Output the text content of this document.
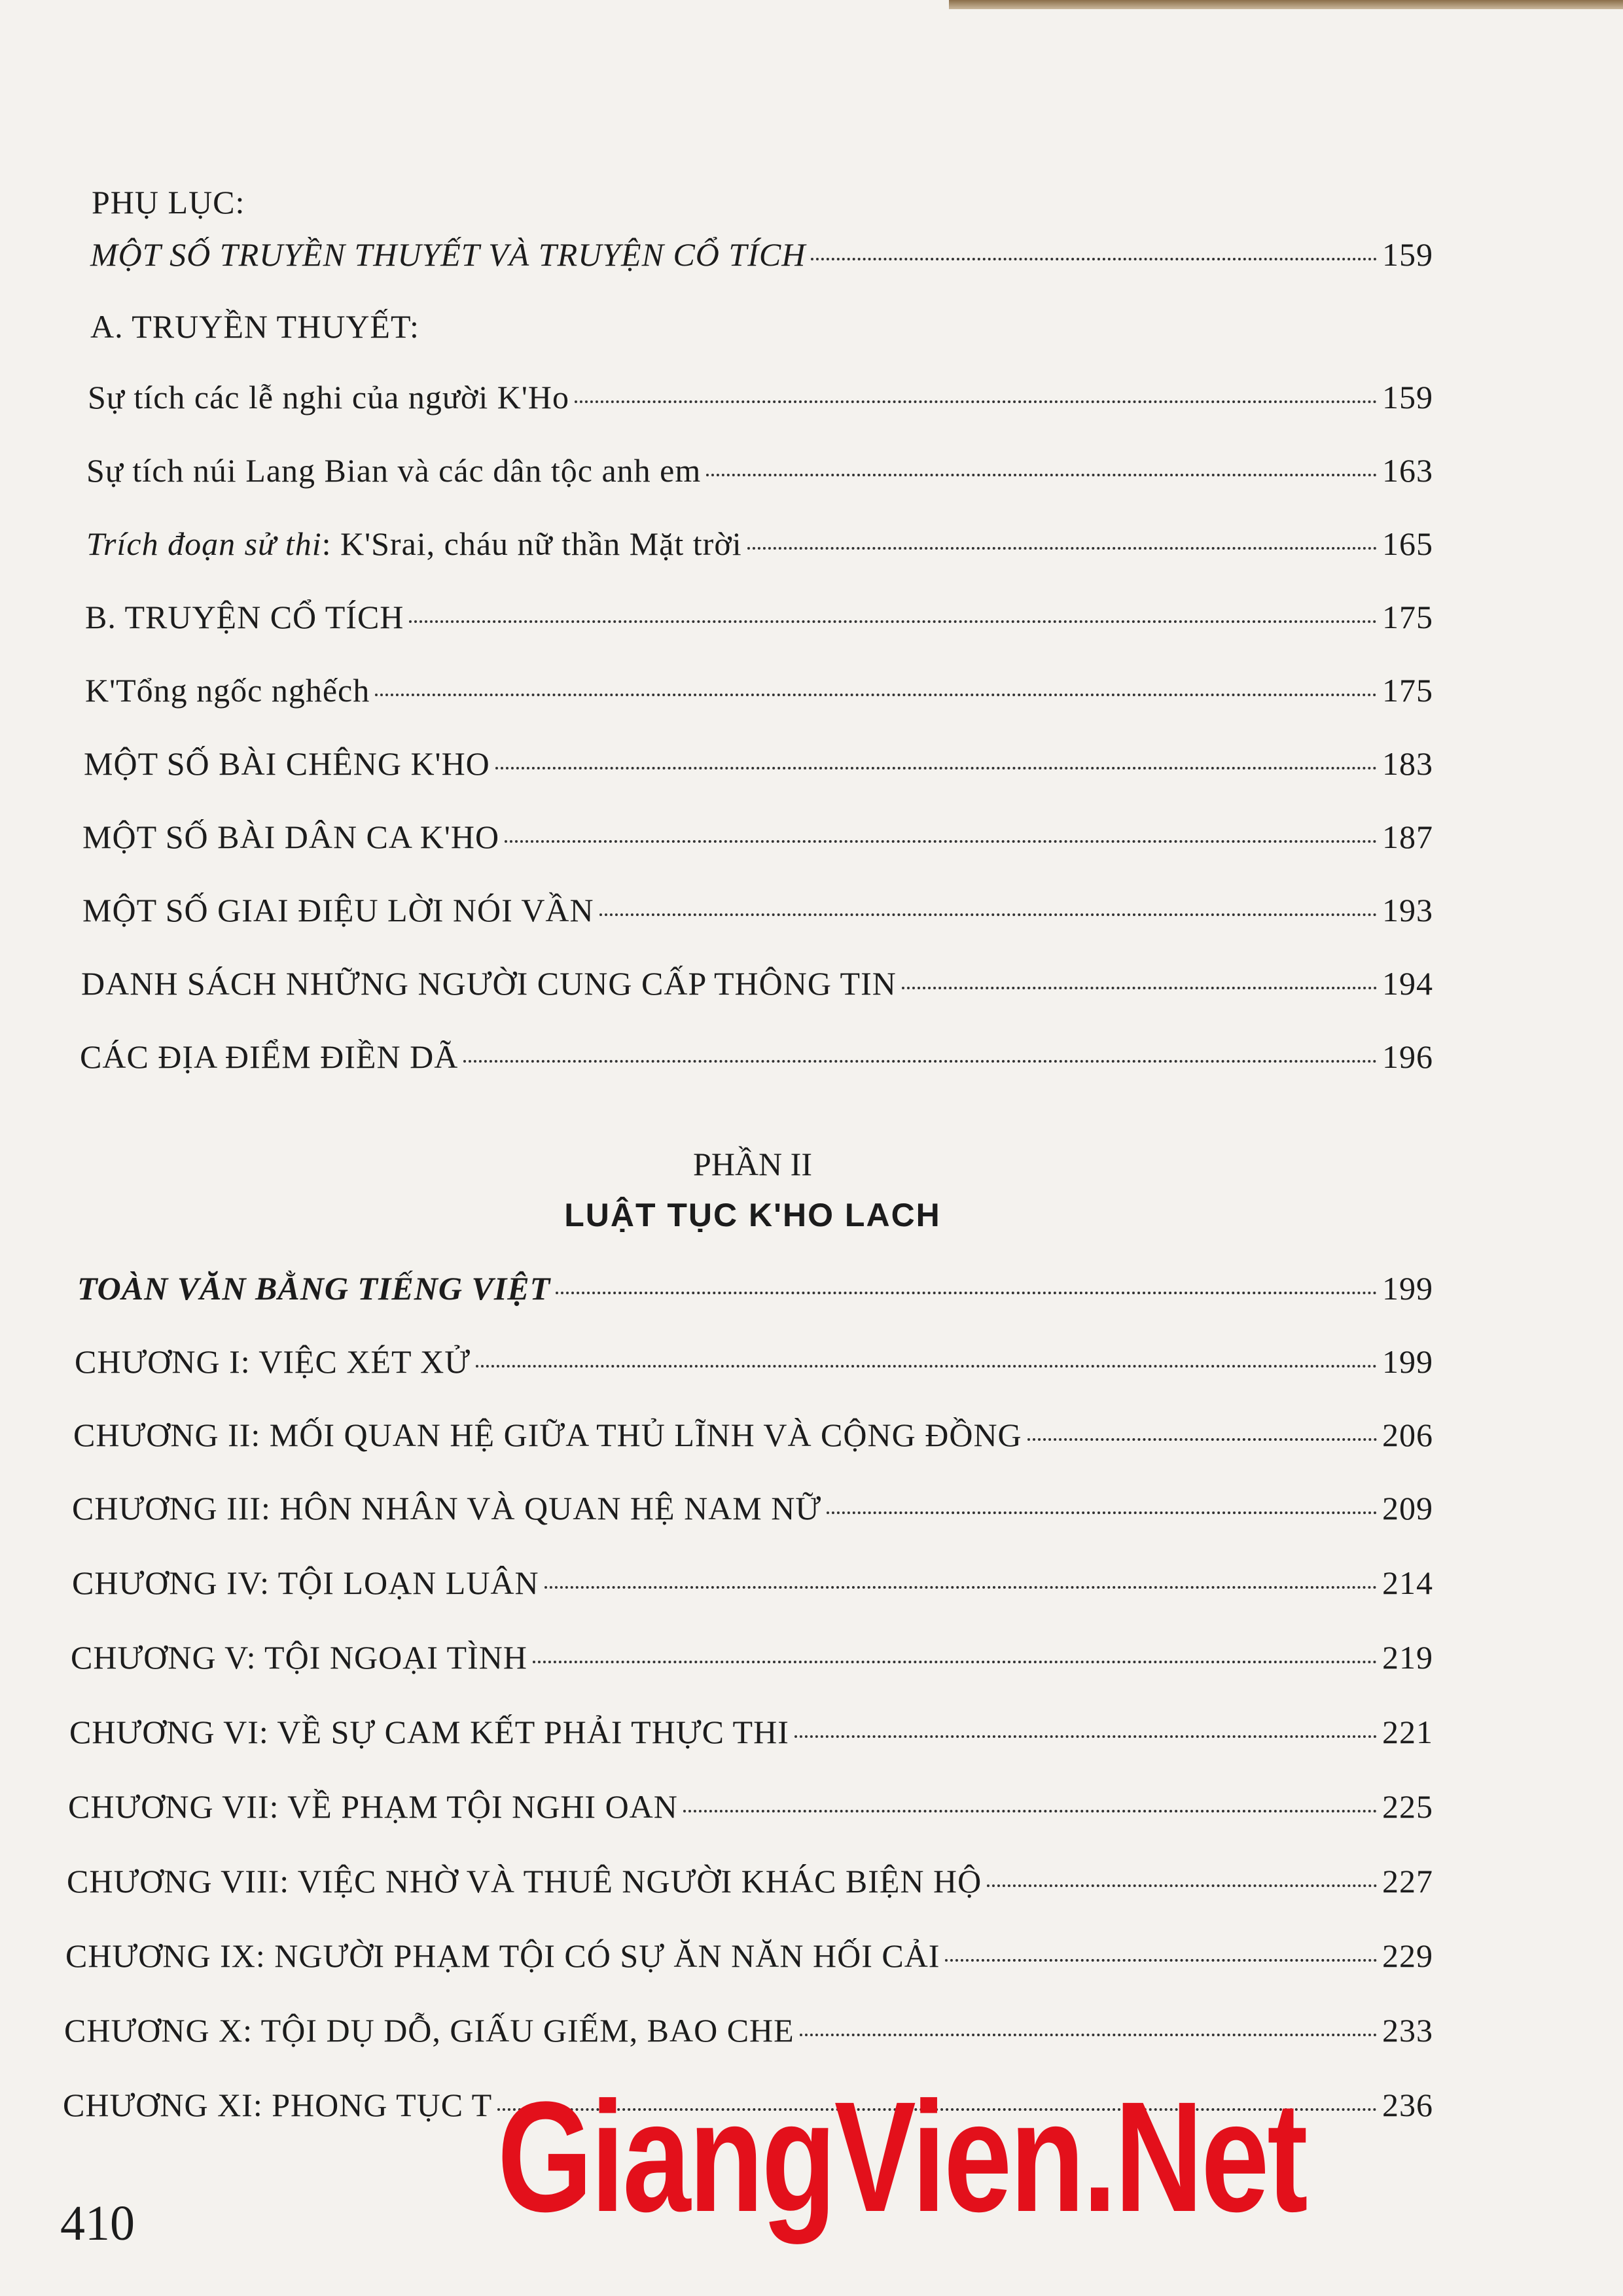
PHỤ LỤC:
MỘT SỐ TRUYỀN THUYẾT VÀ TRUYỆN CỔ TÍCH	159
A. TRUYỀN THUYẾT:
Sự tích các lễ nghi của người K'Ho	159
Sự tích núi Lang Bian và các dân tộc anh em	163
Trích đoạn sử thi: K'Srai, cháu nữ thần Mặt trời	165
B. TRUYỆN CỔ TÍCH	175
K'Tổng ngốc nghếch	175
MỘT SỐ BÀI CHÊNG K'HO	183
MỘT SỐ BÀI DÂN CA K'HO	187
MỘT SỐ GIAI ĐIỆU LỜI NÓI VẦN	193
DANH SÁCH NHỮNG NGƯỜI CUNG CẤP THÔNG TIN	194
CÁC ĐỊA ĐIỂM ĐIỀN DÃ	196
PHẦN II
LUẬT TỤC K'HO LACH
TOÀN VĂN BẰNG TIẾNG VIỆT	199
CHƯƠNG I: VIỆC XÉT XỬ	199
CHƯƠNG II: MỐI QUAN HỆ GIỮA THỦ LĨNH VÀ CỘNG ĐỒNG	206
CHƯƠNG III: HÔN NHÂN VÀ QUAN HỆ NAM NỮ	209
CHƯƠNG IV: TỘI LOẠN LUÂN	214
CHƯƠNG V: TỘI NGOẠI TÌNH	219
CHƯƠNG VI: VỀ SỰ CAM KẾT PHẢI THỰC THI	221
CHƯƠNG VII: VỀ PHẠM TỘI NGHI OAN	225
CHƯƠNG VIII: VIỆC NHỜ VÀ THUÊ NGƯỜI KHÁC BIỆN HỘ	227
CHƯƠNG IX: NGƯỜI PHẠM TỘI CÓ SỰ ĂN NĂN HỐI CẢI	229
CHƯƠNG X: TỘI DỤ DỖ, GIẤU GIẾM, BAO CHE	233
CHƯƠNG XI: PHONG TỤC T	236
GiangVien.Net
410
